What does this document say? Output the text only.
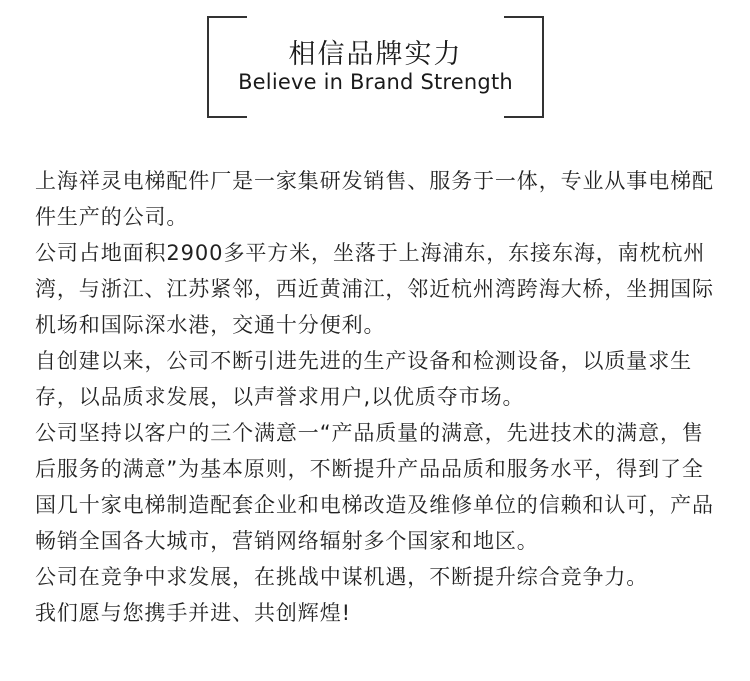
相信品牌实力
Believe in Brand Strength

上海祥灵电梯配件厂是一家集研发销售、服务于一体，专业从事电梯配件生产的公司。

公司占地面积2900多平方米，坐落于上海浦东，东接东海，南枕杭州湾，与浙江、江苏紧邻，西近黄浦江，邻近杭州湾跨海大桥，坐拥国际机场和国际深水港，交通十分便利。

自创建以来，公司不断引进先进的生产设备和检测设备，以质量求生存，以品质求发展，以声誉求用户,以优质夺市场。

公司坚持以客户的三个满意一“产品质量的满意，先进技术的满意，售后服务的满意”为基本原则，不断提升产品品质和服务水平，得到了全国几十家电梯制造配套企业和电梯改造及维修单位的信赖和认可，产品畅销全国各大城市，营销网络辐射多个国家和地区。

公司在竞争中求发展，在挑战中谋机遇，不断提升综合竞争力。

我们愿与您携手并进、共创辉煌!
